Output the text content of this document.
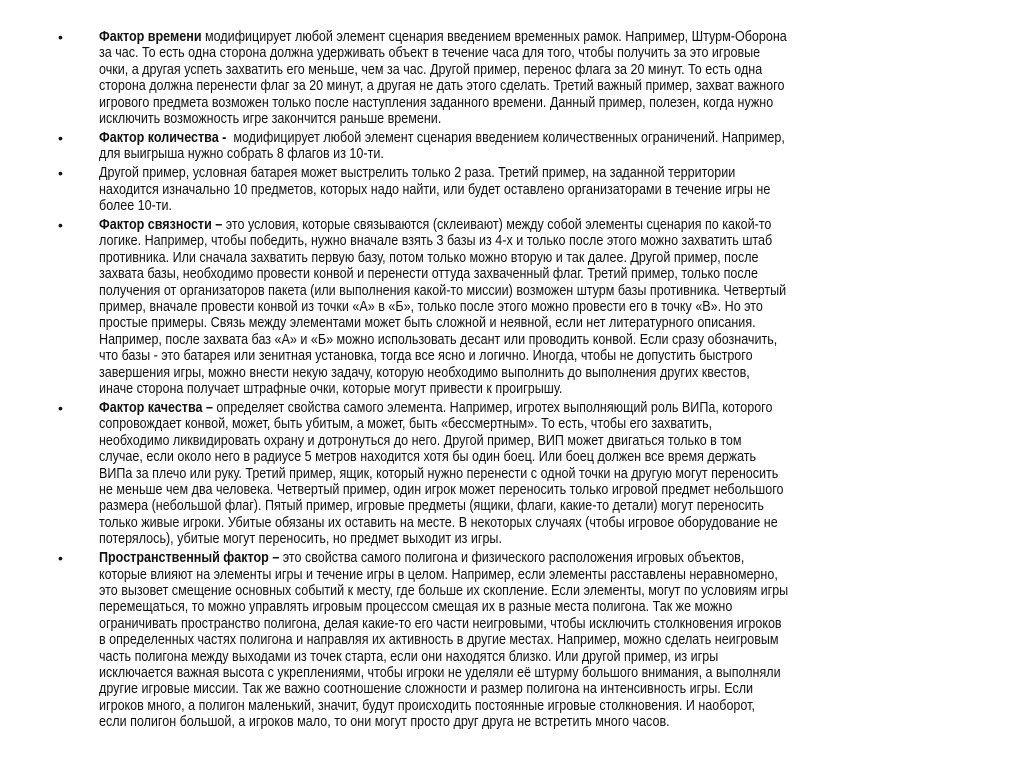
• Фактор времени модифицирует любой элемент сценария введением временных рамок. Например, Штурм-Оборона
за час. То есть одна сторона должна удерживать объект в течение часа для того, чтобы получить за это игровые
очки, а другая успеть захватить его меньше, чем за час. Другой пример, перенос флага за 20 минут. То есть одна
сторона должна перенести флаг за 20 минут, а другая не дать этого сделать. Третий важный пример, захват важного
игрового предмета возможен только после наступления заданного времени. Данный пример, полезен, когда нужно
исключить возможность игре закончится раньше времени.
• Фактор количества -  модифицирует любой элемент сценария введением количественных ограничений. Например,
для выигрыша нужно собрать 8 флагов из 10-ти.
• Другой пример, условная батарея может выстрелить только 2 раза. Третий пример, на заданной территории
находится изначально 10 предметов, которых надо найти, или будет оставлено организаторами в течение игры не
более 10-ти.
• Фактор связности – это условия, которые связываются (склеивают) между собой элементы сценария по какой-то
логике. Например, чтобы победить, нужно вначале взять 3 базы из 4-х и только после этого можно захватить штаб
противника. Или сначала захватить первую базу, потом только можно вторую и так далее. Другой пример, после
захвата базы, необходимо провести конвой и перенести оттуда захваченный флаг. Третий пример, только после
получения от организаторов пакета (или выполнения какой-то миссии) возможен штурм базы противника. Четвертый
пример, вначале провести конвой из точки «А» в «Б», только после этого можно провести его в точку «В». Но это
простые примеры. Связь между элементами может быть сложной и неявной, если нет литературного описания.
Например, после захвата баз «А» и «Б» можно использовать десант или проводить конвой. Если сразу обозначить,
что базы - это батарея или зенитная установка, тогда все ясно и логично. Иногда, чтобы не допустить быстрого
завершения игры, можно внести некую задачу, которую необходимо выполнить до выполнения других квестов,
иначе сторона получает штрафные очки, которые могут привести к проигрышу.
• Фактор качества – определяет свойства самого элемента. Например, игротех выполняющий роль ВИПа, которого
сопровождает конвой, может, быть убитым, а может, быть «бессмертным». То есть, чтобы его захватить,
необходимо ликвидировать охрану и дотронуться до него. Другой пример, ВИП может двигаться только в том
случае, если около него в радиусе 5 метров находится хотя бы один боец. Или боец должен все время держать
ВИПа за плечо или руку. Третий пример, ящик, который нужно перенести с одной точки на другую могут переносить
не меньше чем два человека. Четвертый пример, один игрок может переносить только игровой предмет небольшого
размера (небольшой флаг). Пятый пример, игровые предметы (ящики, флаги, какие-то детали) могут переносить
только живые игроки. Убитые обязаны их оставить на месте. В некоторых случаях (чтобы игровое оборудование не
потерялось), убитые могут переносить, но предмет выходит из игры.
• Пространственный фактор – это свойства самого полигона и физического расположения игровых объектов,
которые влияют на элементы игры и течение игры в целом. Например, если элементы расставлены неравномерно,
это вызовет смещение основных событий к месту, где больше их скопление. Если элементы, могут по условиям игры
перемещаться, то можно управлять игровым процессом смещая их в разные места полигона. Так же можно
ограничивать пространство полигона, делая какие-то его части неигровыми, чтобы исключить столкновения игроков
в определенных частях полигона и направляя их активность в другие местах. Например, можно сделать неигровым
часть полигона между выходами из точек старта, если они находятся близко. Или другой пример, из игры
исключается важная высота с укреплениями, чтобы игроки не уделяли её штурму большого внимания, а выполняли
другие игровые миссии. Так же важно соотношение сложности и размер полигона на интенсивность игры. Если
игроков много, а полигон маленький, значит, будут происходить постоянные игровые столкновения. И наоборот,
если полигон большой, а игроков мало, то они могут просто друг друга не встретить много часов.
